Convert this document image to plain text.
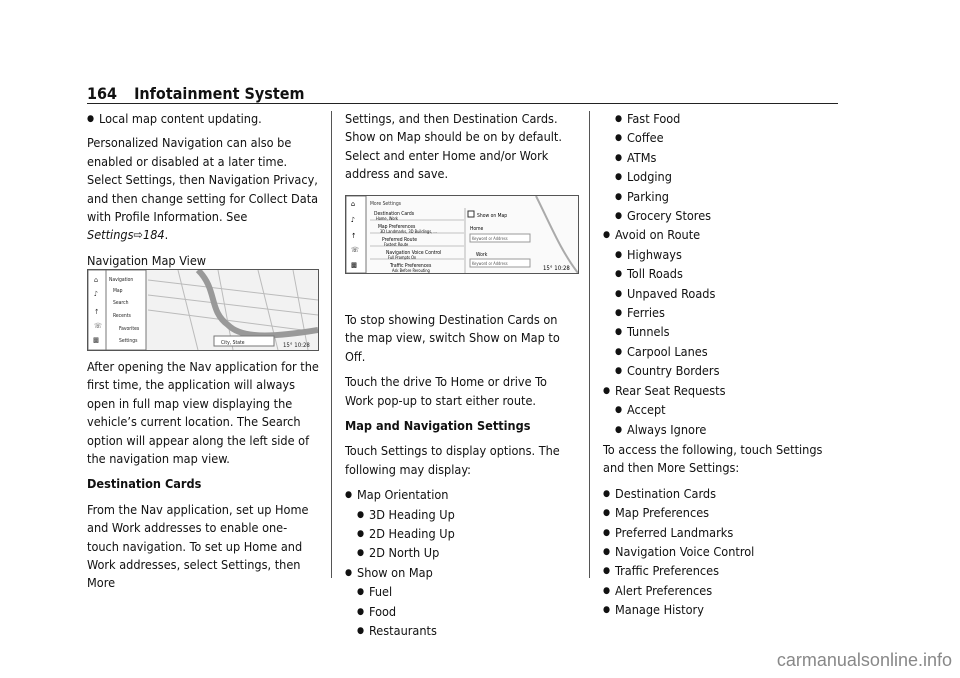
164 Infotainment System
● Local map content updating.

Personalized Navigation can also be enabled or disabled at a later time. Select Settings, then Navigation Privacy, and then change setting for Collect Data with Profile Information. See Settings⇨184.

Navigation Map View

⌂
♪
↑
☏
▩
Navigation
Map
Search
Recents
Favorites
Settings	City, State	15° 10:28

After opening the Nav application for the first time, the application will always open in full map view displaying the vehicle’s current location. The Search option will appear along the left side of the navigation map view.

Destination Cards

From the Nav application, set up Home and Work addresses to enable one-touch navigation. To set up Home and Work addresses, select Settings, then More

Settings, and then Destination Cards. Show on Map should be on by default. Select and enter Home and/or Work address and save.

⌂
♪
↑
☏
▩
More Settings
Destination Cards
Home, Work
Map Preferences
3D Landmarks, 3D Buildings, ...
Preferred Route
Fastest Route
Navigation Voice Control
Full Prompts On
Traffic Preferences
Ask Before Rerouting
Show on Map
Home
Keyword or Address
Work
Keyword or Address
15° 10:28

To stop showing Destination Cards on the map view, switch Show on Map to Off.

Touch the drive To Home or drive To Work pop-up to start either route.

Map and Navigation Settings

Touch Settings to display options. The following may display:

● Map Orientation
● 3D Heading Up
● 2D Heading Up
● 2D North Up
● Show on Map
● Fuel
● Food
● Restaurants
● Fast Food
● Coffee
● ATMs
● Lodging
● Parking
● Grocery Stores
● Avoid on Route
● Highways
● Toll Roads
● Unpaved Roads
● Ferries
● Tunnels
● Carpool Lanes
● Country Borders
● Rear Seat Requests
● Accept
● Always Ignore

To access the following, touch Settings and then More Settings:

● Destination Cards
● Map Preferences
● Preferred Landmarks
● Navigation Voice Control
● Traffic Preferences
● Alert Preferences
● Manage History
carmanualsonline.info
